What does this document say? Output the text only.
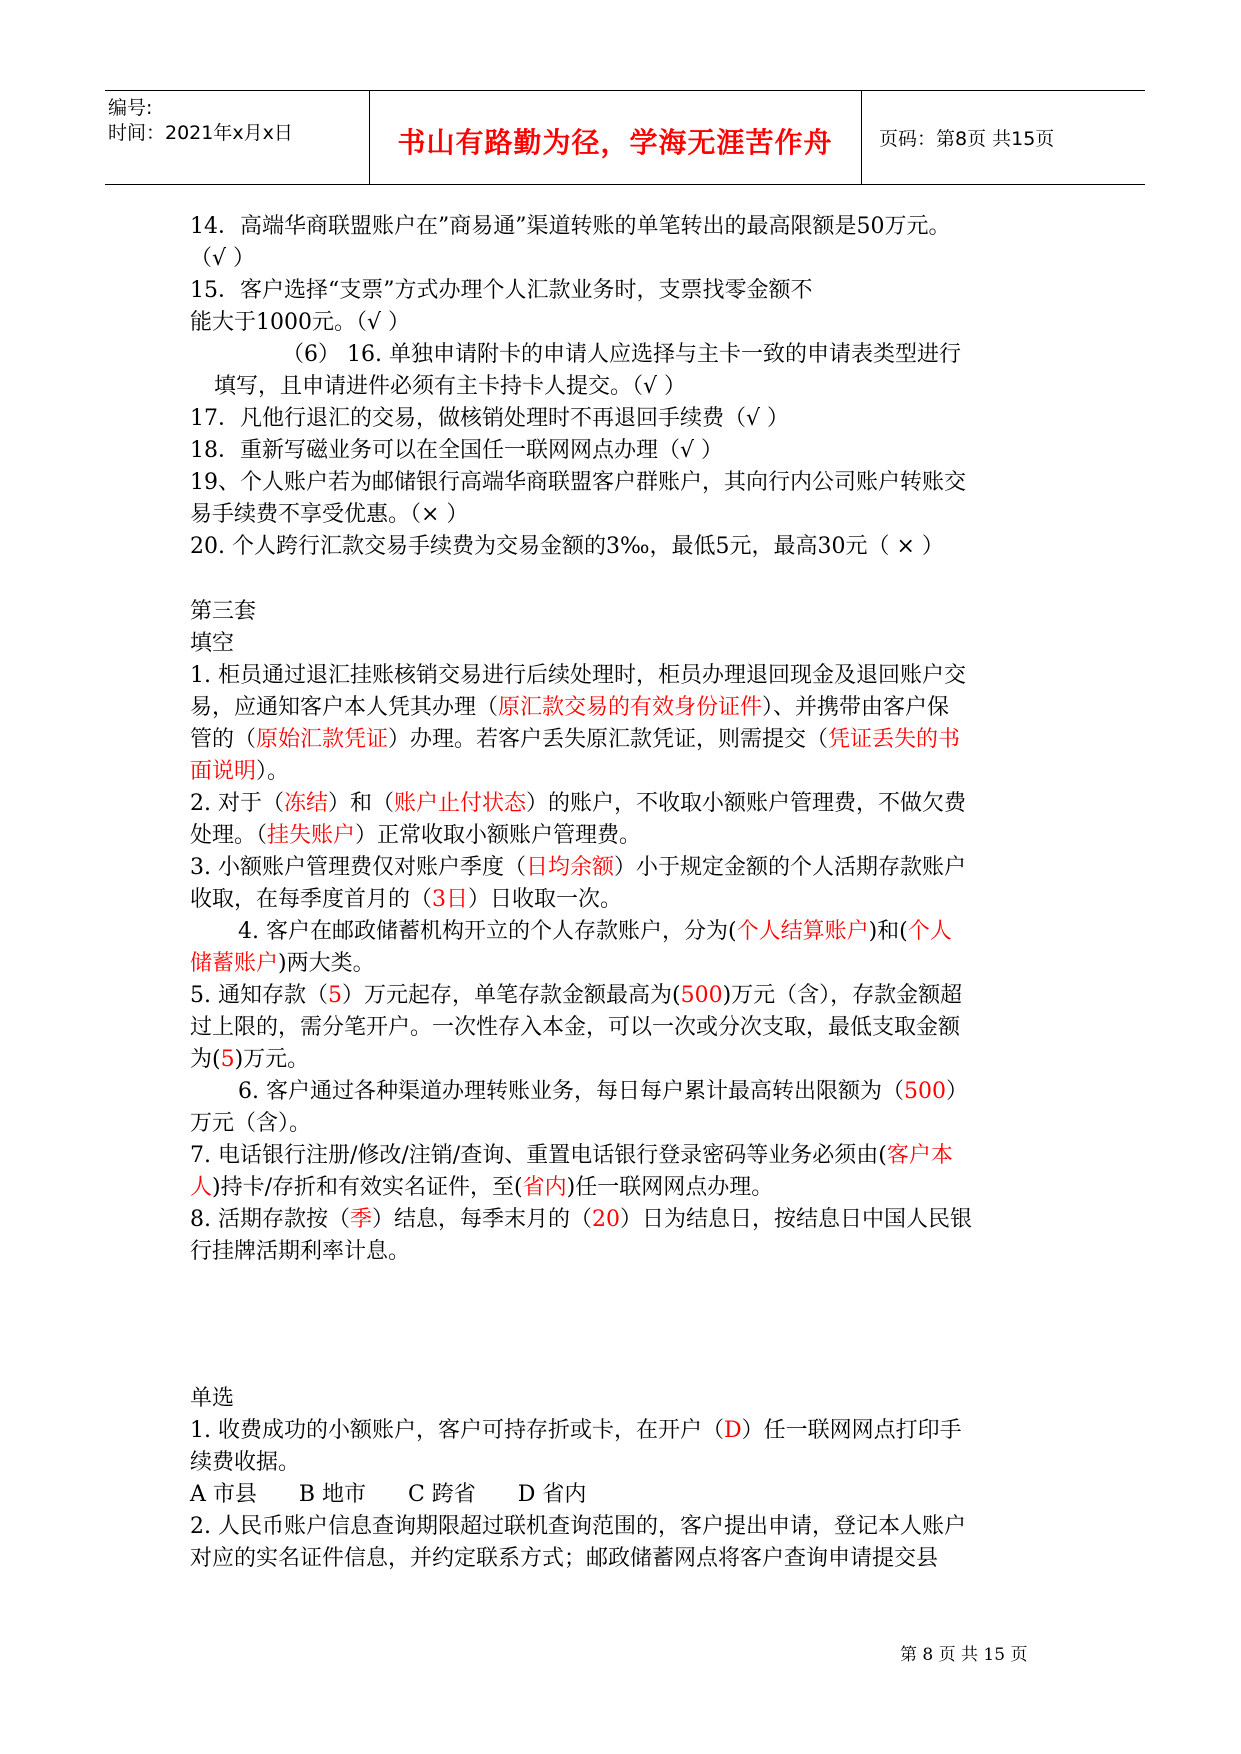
编号:
时间：2021年x月x日	书山有路勤为径，学海无涯苦作舟	页码：第8页 共15页
14．高端华商联盟账户在”商易通”渠道转账的单笔转出的最高限额是50万元。
（√ ）
15．客户选择“支票”方式办理个人汇款业务时，支票找零金额不
能大于1000元。（√ ）
（6） 16. 单独申请附卡的申请人应选择与主卡一致的申请表类型进行
填写，且申请进件必须有主卡持卡人提交。（√ ）
17．凡他行退汇的交易，做核销处理时不再退回手续费（√ ）
18．重新写磁业务可以在全国任一联网网点办理（√ ）
19、个人账户若为邮储银行高端华商联盟客户群账户，其向行内公司账户转账交
易手续费不享受优惠。（× ）
20. 个人跨行汇款交易手续费为交易金额的3‰，最低5元，最高30元（ × ）
第三套
填空
1. 柜员通过退汇挂账核销交易进行后续处理时，柜员办理退回现金及退回账户交
易，应通知客户本人凭其办理（原汇款交易的有效身份证件）、并携带由客户保
管的（原始汇款凭证）办理。若客户丢失原汇款凭证，则需提交（凭证丢失的书
面说明）。
2. 对于（冻结）和（账户止付状态）的账户，不收取小额账户管理费，不做欠费
处理。（挂失账户）正常收取小额账户管理费。
3. 小额账户管理费仅对账户季度（日均余额）小于规定金额的个人活期存款账户
收取，在每季度首月的（3日）日收取一次。
4. 客户在邮政储蓄机构开立的个人存款账户，分为(个人结算账户)和(个人
储蓄账户)两大类。
5. 通知存款（5）万元起存，单笔存款金额最高为(500)万元（含），存款金额超
过上限的，需分笔开户。一次性存入本金，可以一次或分次支取，最低支取金额
为(5)万元。
6. 客户通过各种渠道办理转账业务，每日每户累计最高转出限额为（500）
万元（含）。
7. 电话银行注册/修改/注销/查询、重置电话银行登录密码等业务必须由(客户本
人)持卡/存折和有效实名证件，至(省内)任一联网网点办理。
8. 活期存款按（季）结息，每季末月的（20）日为结息日，按结息日中国人民银
行挂牌活期利率计息。
单选
1. 收费成功的小额账户，客户可持存折或卡，在开户（D）任一联网网点打印手
续费收据。
A 市县      B 地市      C 跨省      D 省内
2. 人民币账户信息查询期限超过联机查询范围的，客户提出申请，登记本人账户
对应的实名证件信息，并约定联系方式；邮政储蓄网点将客户查询申请提交县
第 8 页 共 15 页
